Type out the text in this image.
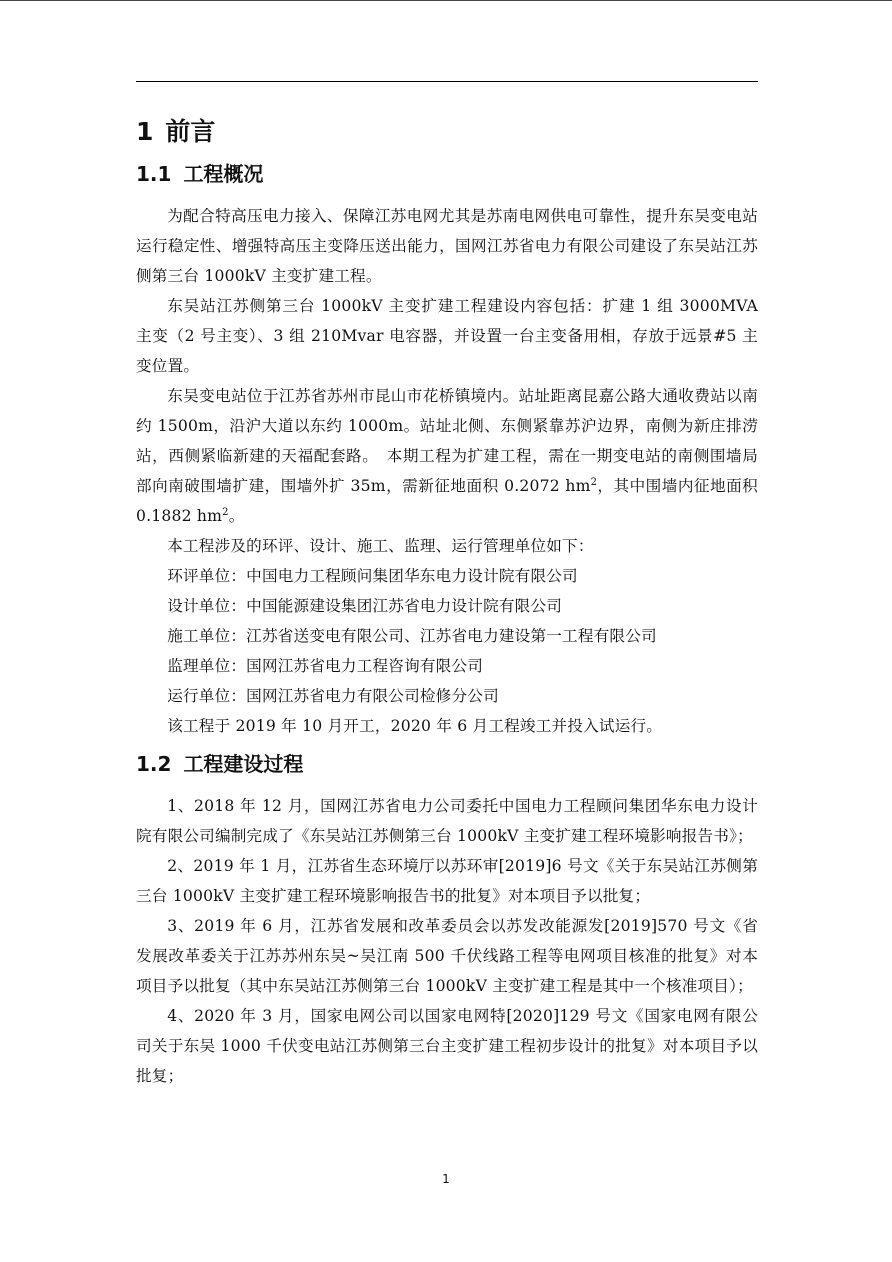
1 前言
1.1 工程概况

为配合特高压电力接入、保障江苏电网尤其是苏南电网供电可靠性，提升东吴变电站运行稳定性、增强特高压主变降压送出能力，国网江苏省电力有限公司建设了东吴站江苏侧第三台 1000kV 主变扩建工程。

东吴站江苏侧第三台 1000kV 主变扩建工程建设内容包括：扩建 1 组 3000MVA 主变（2 号主变）、3 组 210Mvar 电容器，并设置一台主变备用相，存放于远景#5 主变位置。

东吴变电站位于江苏省苏州市昆山市花桥镇境内。站址距离昆嘉公路大通收费站以南约 1500m，沿沪大道以东约 1000m。站址北侧、东侧紧靠苏沪边界，南侧为新庄排涝站，西侧紧临新建的天福配套路。　本期工程为扩建工程，需在一期变电站的南侧围墙局部向南破围墙扩建，围墙外扩 35m，需新征地面积 0.2072 $hm^2$，其中围墙内征地面积 0.1882 $hm^2$。

本工程涉及的环评、设计、施工、监理、运行管理单位如下：

环评单位：中国电力工程顾问集团华东电力设计院有限公司

设计单位：中国能源建设集团江苏省电力设计院有限公司

施工单位：江苏省送变电有限公司、江苏省电力建设第一工程有限公司

监理单位：国网江苏省电力工程咨询有限公司

运行单位：国网江苏省电力有限公司检修分公司

该工程于 2019 年 10 月开工，2020 年 6 月工程竣工并投入试运行。

1.2 工程建设过程

1、2018 年 12 月，国网江苏省电力公司委托中国电力工程顾问集团华东电力设计院有限公司编制完成了《东吴站江苏侧第三台 1000kV 主变扩建工程环境影响报告书》；

2、2019 年 1 月，江苏省生态环境厅以苏环审[2019]6 号文《关于东吴站江苏侧第三台 1000kV 主变扩建工程环境影响报告书的批复》对本项目予以批复；

3、2019 年 6 月，江苏省发展和改革委员会以苏发改能源发[2019]570 号文《省发展改革委关于江苏苏州东吴~吴江南 500 千伏线路工程等电网项目核准的批复》对本项目予以批复（其中东吴站江苏侧第三台 1000kV 主变扩建工程是其中一个核准项目）；

4、2020 年 3 月，国家电网公司以国家电网特[2020]129 号文《国家电网有限公司关于东吴 1000 千伏变电站江苏侧第三台主变扩建工程初步设计的批复》对本项目予以批复；

1
